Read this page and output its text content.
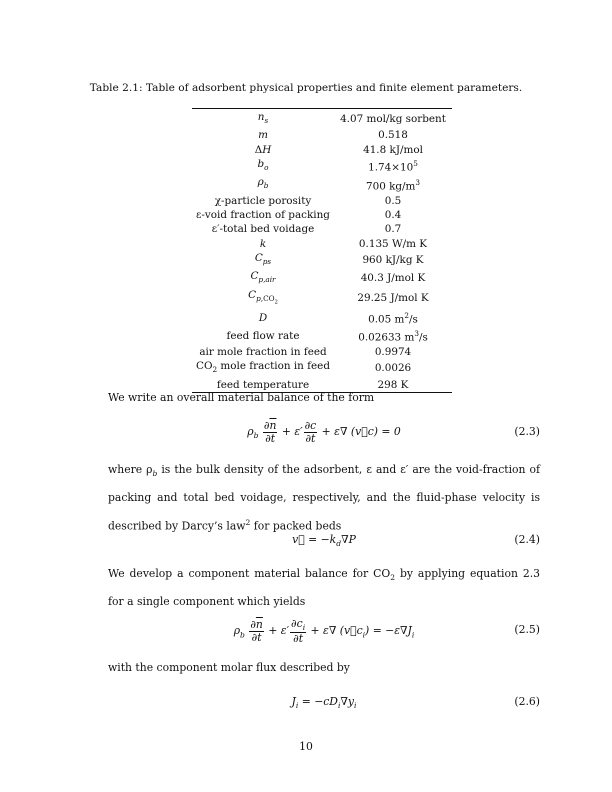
Table 2.1: Table of adsorbent physical properties and finite element parameters.
$n_s$	4.07 mol/kg sorbent
m	0.518
ΔH	41.8 kJ/mol
$b_o$	$1.74\times 10^5$
$\rho_b$	700 $kg/m^3$
χ-particle porosity	0.5
ε-void fraction of packing	0.4
ε′-total bed voidage	0.7
k	0.135 W/m K
$C_{ps}$	960 kJ/kg K
$C_{p,air}$	40.3 J/mol K
$C_{p,CO_2}$	29.25 J/mol K
D	0.05 $m^2/s$
feed flow rate	0.02633 $m^3/s$
air mole fraction in feed	0.9974
$CO_2$ mole fraction in feed	0.0026
feed temperature	298 K
We write an overall material balance of the form
$\rho_b \frac{\partial\overline{n}}{\partial t} + \varepsilon' \frac{\partial c}{\partial t} + \varepsilon\nabla$ (v⃗c) = 0	(2.3)
where $\rho_b$ is the bulk density of the adsorbent, ε and ε′ are the void-fraction of packing and total bed voidage, respectively, and the fluid-phase velocity is described by Darcy’s law$^2$ for packed beds
v⃗ = $-k_d\nabla P$	(2.4)
We develop a component material balance for $CO_2$ by applying equation 2.3 for a single component which yields
$\rho_b \frac{\partial\overline{n}}{\partial t} + \varepsilon' \frac{\partial c_i}{\partial t} + \varepsilon\nabla$ $(v⃗c_i) = -\varepsilon\nabla J_i$	(2.5)
with the component molar flux described by
$J_i = -cD_i\nabla y_i$	(2.6)
10
